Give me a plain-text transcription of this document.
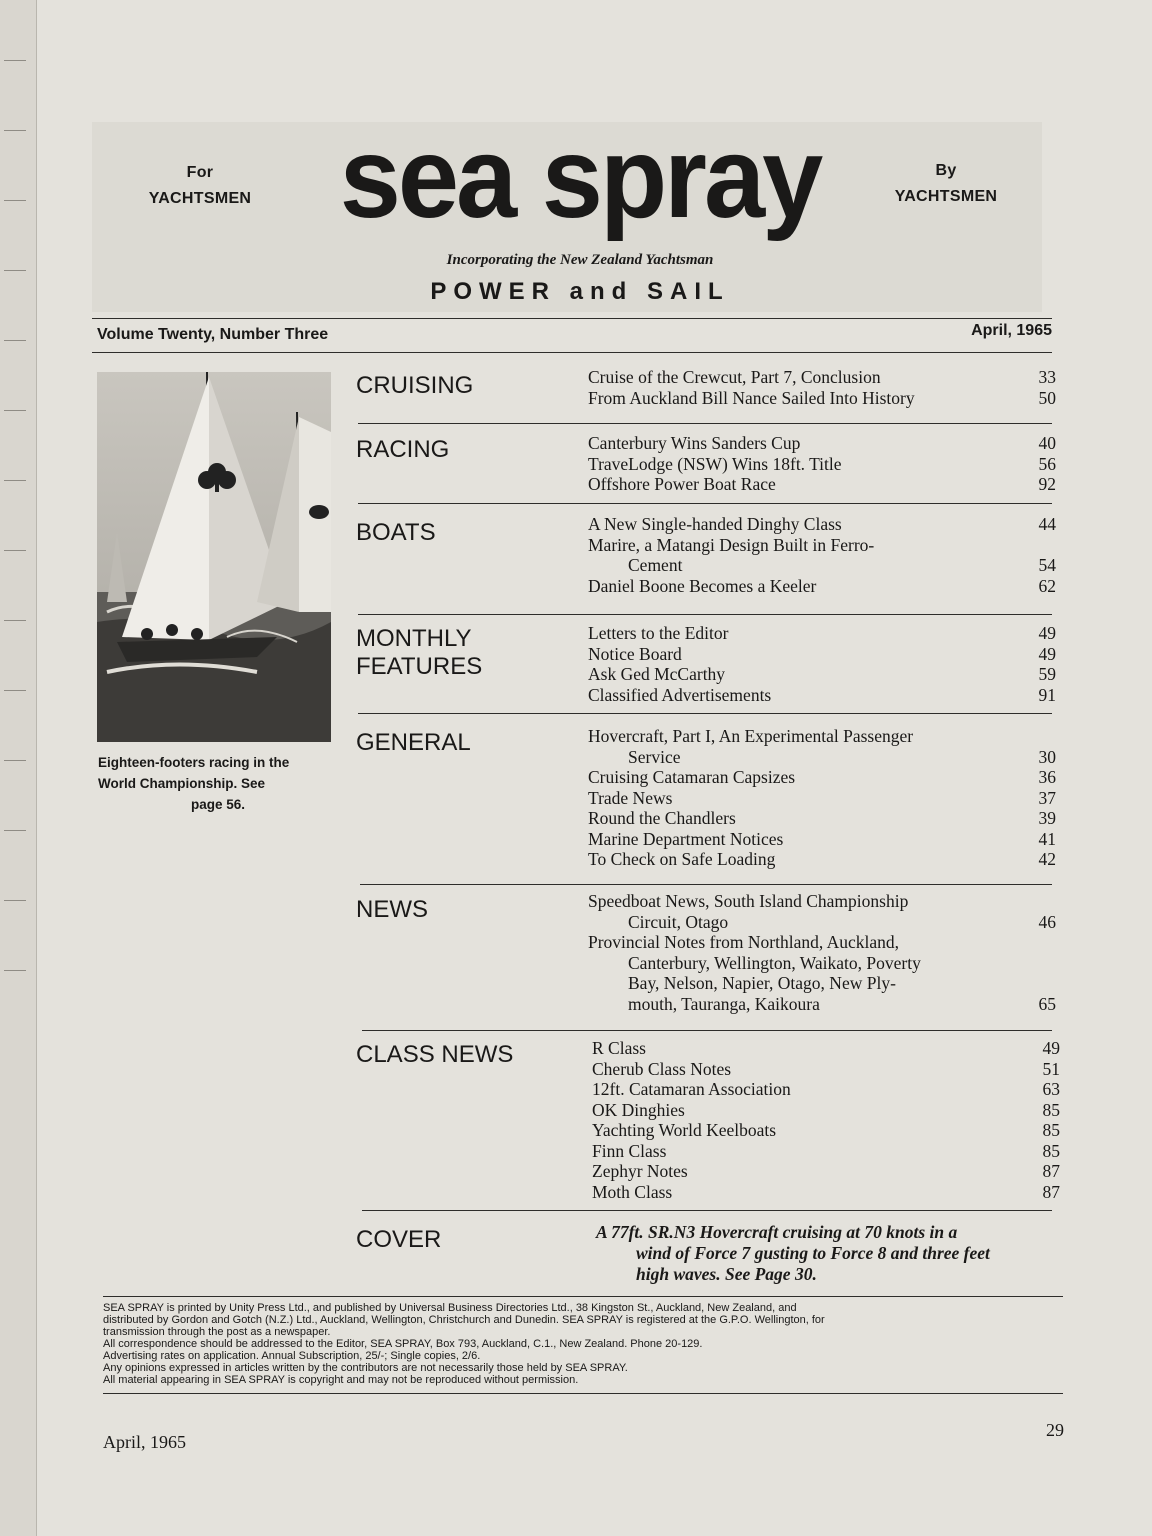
For
YACHTSMEN
By
YACHTSMEN
sea spray
Incorporating the New Zealand Yachtsman
POWER and SAIL
Volume Twenty, Number Three	April, 1965
Eighteen-footers racing in the
World Championship. See
page 56.
CRUISING	Cruise of the Crewcut, Part 7, Conclusion	33
From Auckland Bill Nance Sailed Into History	50
RACING	Canterbury Wins Sanders Cup	40
TraveLodge (NSW) Wins 18ft. Title	56
Offshore Power Boat Race	92
BOATS	A New Single-handed Dinghy Class	44
Marire, a Matangi Design Built in Ferro-
Cement	54
Daniel Boone Becomes a Keeler	62
MONTHLY FEATURES
Letters to the Editor	49
Notice Board	49
Ask Ged McCarthy	59
Classified Advertisements	91
GENERAL	Hovercraft, Part I, An Experimental Passenger
Service	30
Cruising Catamaran Capsizes	36
Trade News	37
Round the Chandlers	39
Marine Department Notices	41
To Check on Safe Loading	42
NEWS	Speedboat News, South Island Championship
Circuit, Otago	46
Provincial Notes from Northland, Auckland,
Canterbury, Wellington, Waikato, Poverty
Bay, Nelson, Napier, Otago, New Ply-
mouth, Tauranga, Kaikoura	65
CLASS NEWS	R Class	49
Cherub Class Notes	51
12ft. Catamaran Association	63
OK Dinghies	85
Yachting World Keelboats	85
Finn Class	85
Zephyr Notes	87
Moth Class	87
COVER	A 77ft. SR.N3 Hovercraft cruising at 70 knots in a
wind of Force 7 gusting to Force 8 and three feet
high waves. See Page 30.
SEA SPRAY is printed by Unity Press Ltd., and published by Universal Business Directories Ltd., 38 Kingston St., Auckland, New Zealand, and
distributed by Gordon and Gotch (N.Z.) Ltd., Auckland, Wellington, Christchurch and Dunedin. SEA SPRAY is registered at the G.P.O. Wellington, for
transmission through the post as a newspaper.
All correspondence should be addressed to the Editor, SEA SPRAY, Box 793, Auckland, C.1., New Zealand. Phone 20-129.
Advertising rates on application. Annual Subscription, 25/-; Single copies, 2/6.
Any opinions expressed in articles written by the contributors are not necessarily those held by SEA SPRAY.
All material appearing in SEA SPRAY is copyright and may not be reproduced without permission.
April, 1965
29
